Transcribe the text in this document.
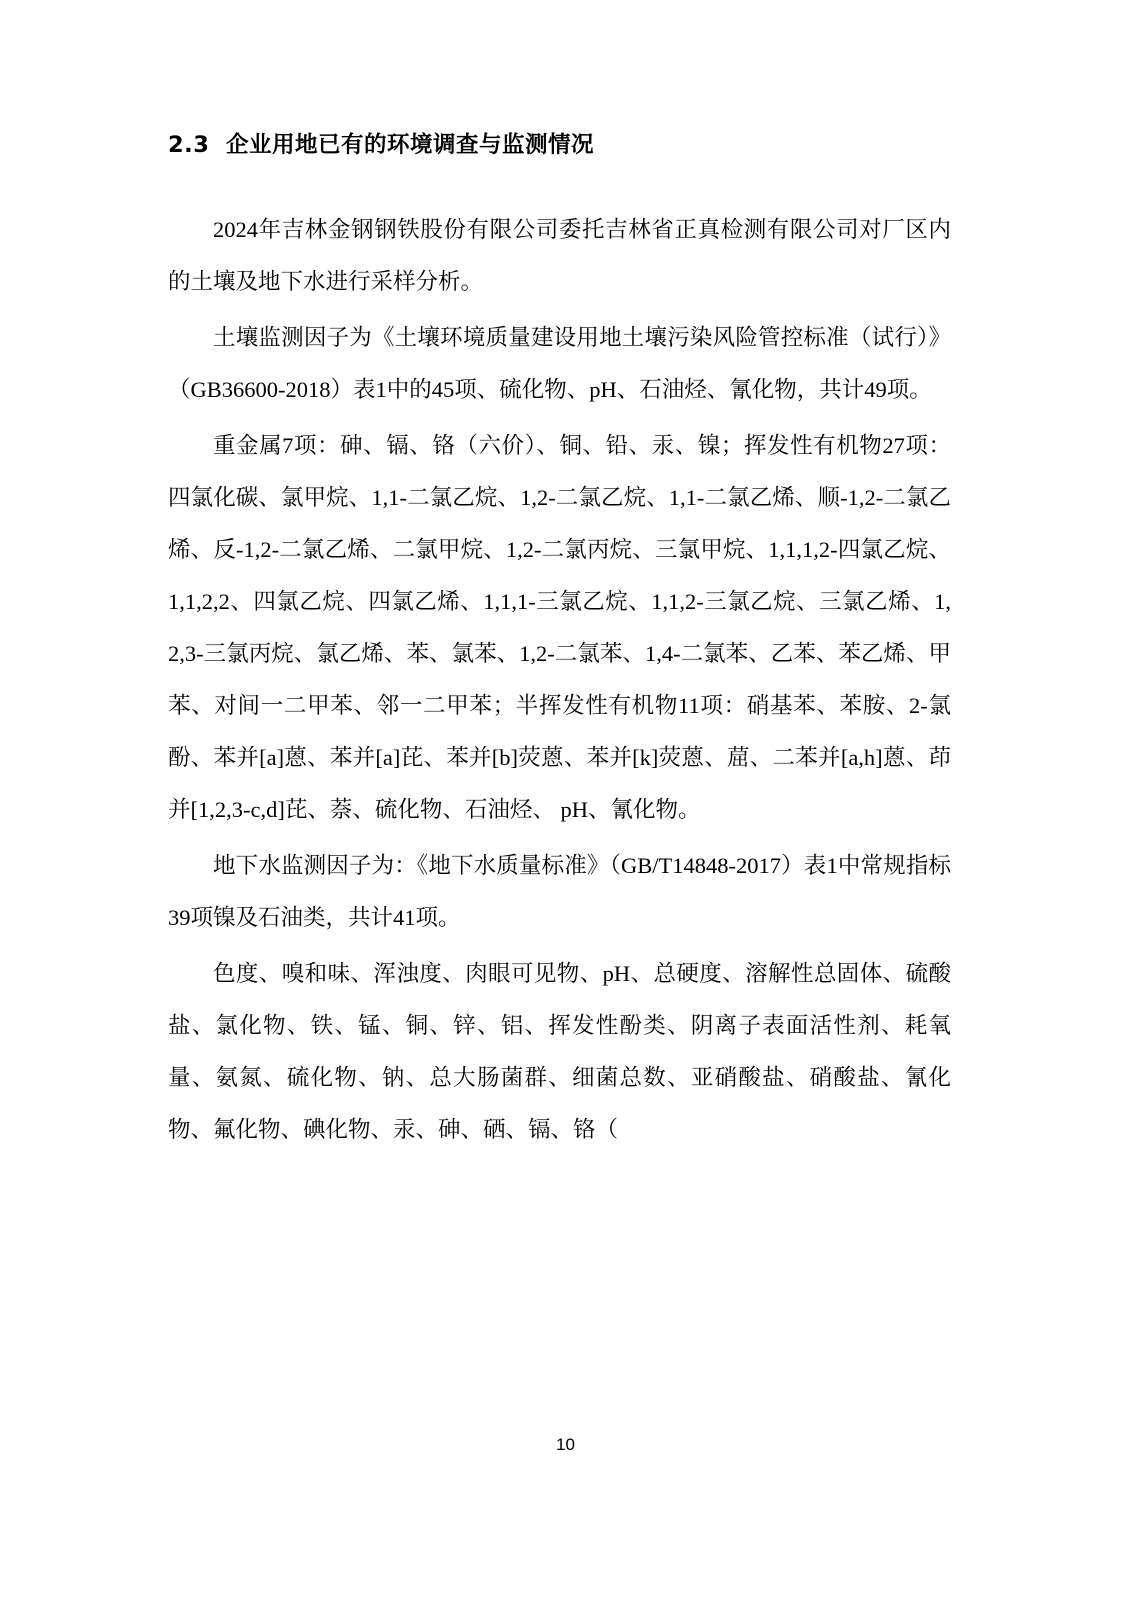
2.3  企业用地已有的环境调查与监测情况

2024年吉林金钢钢铁股份有限公司委托吉林省正真检测有限公司对厂区内的土壤及地下水进行采样分析。

土壤监测因子为《土壤环境质量建设用地土壤污染风险管控标准（试行）》（GB36600-2018）表1中的45项、硫化物、pH、石油烃、氰化物，共计49项。

重金属7项：砷、镉、铬（六价）、铜、铅、汞、镍；挥发性有机物27项：四氯化碳、氯甲烷、1,1-二氯乙烷、1,2-二氯乙烷、1,1-二氯乙烯、顺-1,2-二氯乙烯、反-1,2-二氯乙烯、二氯甲烷、1,2-二氯丙烷、三氯甲烷、1,1,1,2-四氯乙烷、1,1,2,2、四氯乙烷、四氯乙烯、1,1,1-三氯乙烷、1,1,2-三氯乙烷、三氯乙烯、1,2,3-三氯丙烷、氯乙烯、苯、氯苯、1,2-二氯苯、1,4-二氯苯、乙苯、苯乙烯、甲苯、对间一二甲苯、邻一二甲苯；半挥发性有机物11项：硝基苯、苯胺、2-氯酚、苯并[a]蒽、苯并[a]芘、苯并[b]荧蒽、苯并[k]荧蒽、䓛、二苯并[a,h]蒽、茚并[1,2,3-c,d]芘、萘、硫化物、石油烃、 pH、氰化物。

地下水监测因子为：《地下水质量标准》（GB/T14848-2017）表1中常规指标39项镍及石油类，共计41项。

色度、嗅和味、浑浊度、肉眼可见物、pH、总硬度、溶解性总固体、硫酸盐、氯化物、铁、锰、铜、锌、铝、挥发性酚类、阴离子表面活性剂、耗氧量、氨氮、硫化物、钠、总大肠菌群、细菌总数、亚硝酸盐、硝酸盐、氰化物、氟化物、碘化物、汞、砷、硒、镉、铬（

10
